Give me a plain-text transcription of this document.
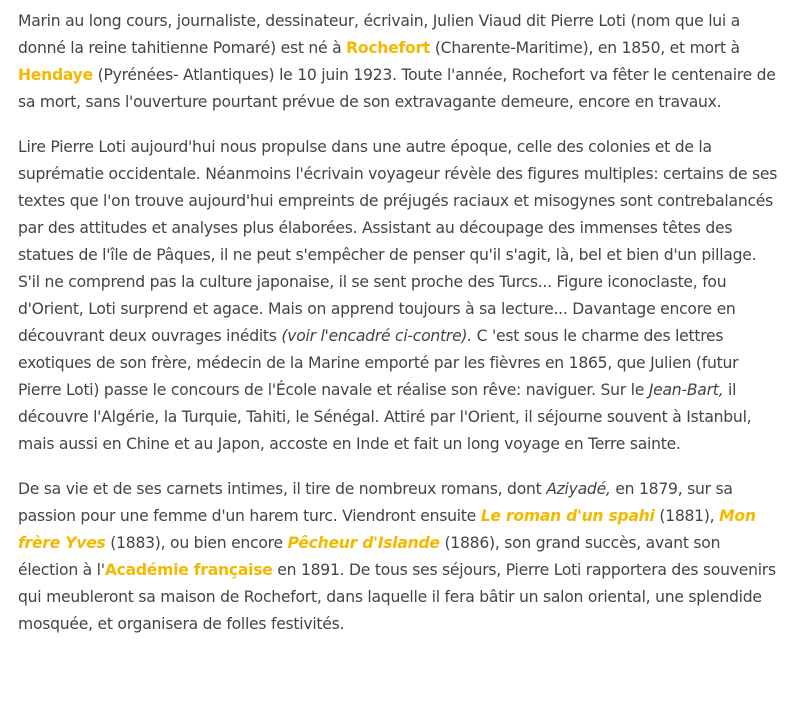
Marin au long cours, journaliste, dessinateur, écrivain, Julien Viaud dit Pierre Loti (nom que lui a donné la reine tahitienne Pomaré) est né à Rochefort (Charente-Maritime), en 1850, et mort à Hendaye (Pyrénées- Atlantiques) le 10 juin 1923. Toute l'année, Rochefort va fêter le centenaire de sa mort, sans l'ouverture pourtant prévue de son extravagante demeure, encore en travaux.

Lire Pierre Loti aujourd'hui nous propulse dans une autre époque, celle des colonies et de la suprématie occidentale. Néanmoins l'écrivain voyageur révèle des figures multiples: certains de ses textes que l'on trouve aujourd'hui empreints de préjugés raciaux et misogynes sont contrebalancés par des attitudes et analyses plus élaborées. Assistant au découpage des immenses têtes des statues de l'île de Pâques, il ne peut s'empêcher de penser qu'il s'agit, là, bel et bien d'un pillage. S'il ne comprend pas la culture japonaise, il se sent proche des Turcs... Figure iconoclaste, fou d'Orient, Loti surprend et agace. Mais on apprend toujours à sa lecture... Davantage encore en découvrant deux ouvrages inédits (voir l'encadré ci-contre). C 'est sous le charme des lettres exotiques de son frère, médecin de la Marine emporté par les fièvres en 1865, que Julien (futur Pierre Loti) passe le concours de l'École navale et réalise son rêve: naviguer. Sur le Jean-Bart, il découvre l'Algérie, la Turquie, Tahiti, le Sénégal. Attiré par l'Orient, il séjourne souvent à Istanbul, mais aussi en Chine et au Japon, accoste en Inde et fait un long voyage en Terre sainte.

De sa vie et de ses carnets intimes, il tire de nombreux romans, dont Aziyadé, en 1879, sur sa passion pour une femme d'un harem turc. Viendront ensuite Le roman d'un spahi (1881), Mon frère Yves (1883), ou bien encore Pêcheur d'Islande (1886), son grand succès, avant son élection à l'Académie française en 1891. De tous ses séjours, Pierre Loti rapportera des souvenirs qui meubleront sa maison de Rochefort, dans laquelle il fera bâtir un salon oriental, une splendide mosquée, et organisera de folles festivités.
